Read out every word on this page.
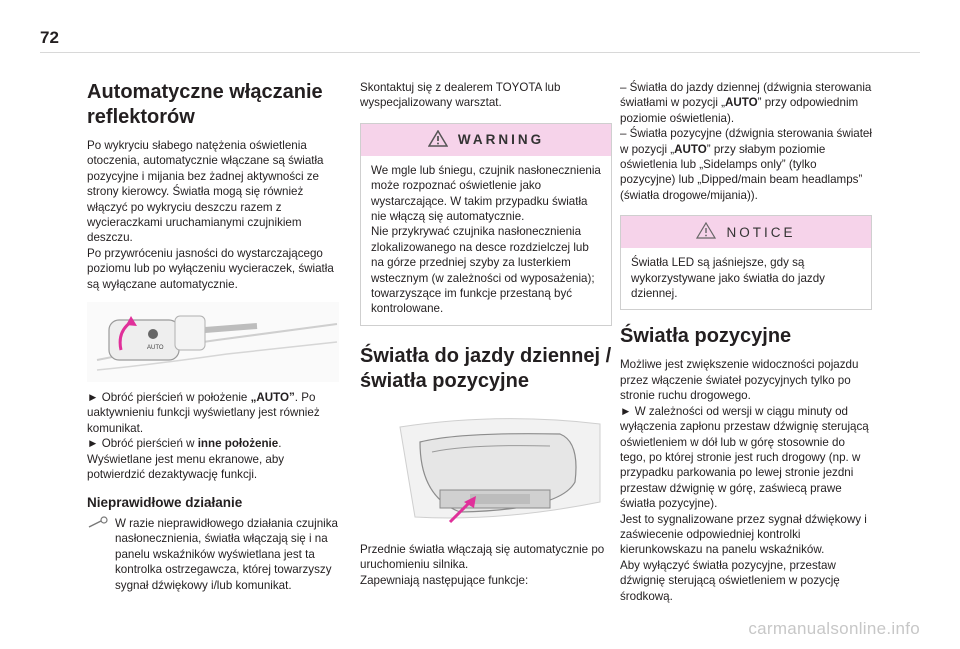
72
Automatyczne włączanie reflektorów

Po wykryciu słabego natężenia oświetlenia otoczenia, automatycznie włączane są światła pozycyjne i mijania bez żadnej aktywności ze strony kierowcy. Światła mogą się również włączyć po wykryciu deszczu razem z wycieraczkami uruchamianymi czujnikiem deszczu.

Po przywróceniu jasności do wystarczającego poziomu lub po wyłączeniu wycieraczek, światła są wyłączane automatycznie.

AUTO

► Obróć pierścień w położenie „AUTO”. Po uaktywnieniu funkcji wyświetlany jest również komunikat.

► Obróć pierścień w inne położenie. Wyświetlane jest menu ekranowe, aby potwierdzić dezaktywację funkcji.

Nieprawidłowe działanie

W razie nieprawidłowego działania czujnika nasłonecznienia, światła włączają się i na panelu wskaźników wyświetlana jest ta kontrolka ostrzegawcza, której towarzyszy sygnał dźwiękowy i/lub komunikat.

Skontaktuj się z dealerem TOYOTA lub wyspecjalizowany warsztat.

WARNING

We mgle lub śniegu, czujnik nasłonecznienia może rozpoznać oświetlenie jako wystarczające. W takim przypadku światła nie włączą się automatycznie.
Nie przykrywać czujnika nasłonecznienia zlokalizowanego na desce rozdzielczej lub na górze przedniej szyby za lusterkiem wstecznym (w zależności od wyposażenia); towarzyszące im funkcje przestaną być kontrolowane.

Światła do jazdy dziennej / światła pozycyjne

Przednie światła włączają się automatycznie po uruchomieniu silnika.

Zapewniają następujące funkcje:

– Światła do jazdy dziennej (dźwignia sterowania światłami w pozycji „AUTO” przy odpowiednim poziomie oświetlenia).

– Światła pozycyjne (dźwignia sterowania świateł w pozycji „AUTO” przy słabym poziomie oświetlenia lub „Sidelamps only” (tylko pozycyjne) lub „Dipped/main beam headlamps” (światła drogowe/mijania)).

NOTICE

Światła LED są jaśniejsze, gdy są wykorzystywane jako światła do jazdy dziennej.

Światła pozycyjne

Możliwe jest zwiększenie widoczności pojazdu przez włączenie świateł pozycyjnych tylko po stronie ruchu drogowego.

► W zależności od wersji w ciągu minuty od wyłączenia zapłonu przestaw dźwignię sterującą oświetleniem w dół lub w górę stosownie do tego, po której stronie jest ruch drogowy (np. w przypadku parkowania po lewej stronie jezdni przestaw dźwignię w górę, zaświecą prawe światła pozycyjne).

Jest to sygnalizowane przez sygnał dźwiękowy i zaświecenie odpowiedniej kontrolki kierunkowskazu na panelu wskaźników.

Aby wyłączyć światła pozycyjne, przestaw dźwignię sterującą oświetleniem w pozycję środkową.

carmanualsonline.info
